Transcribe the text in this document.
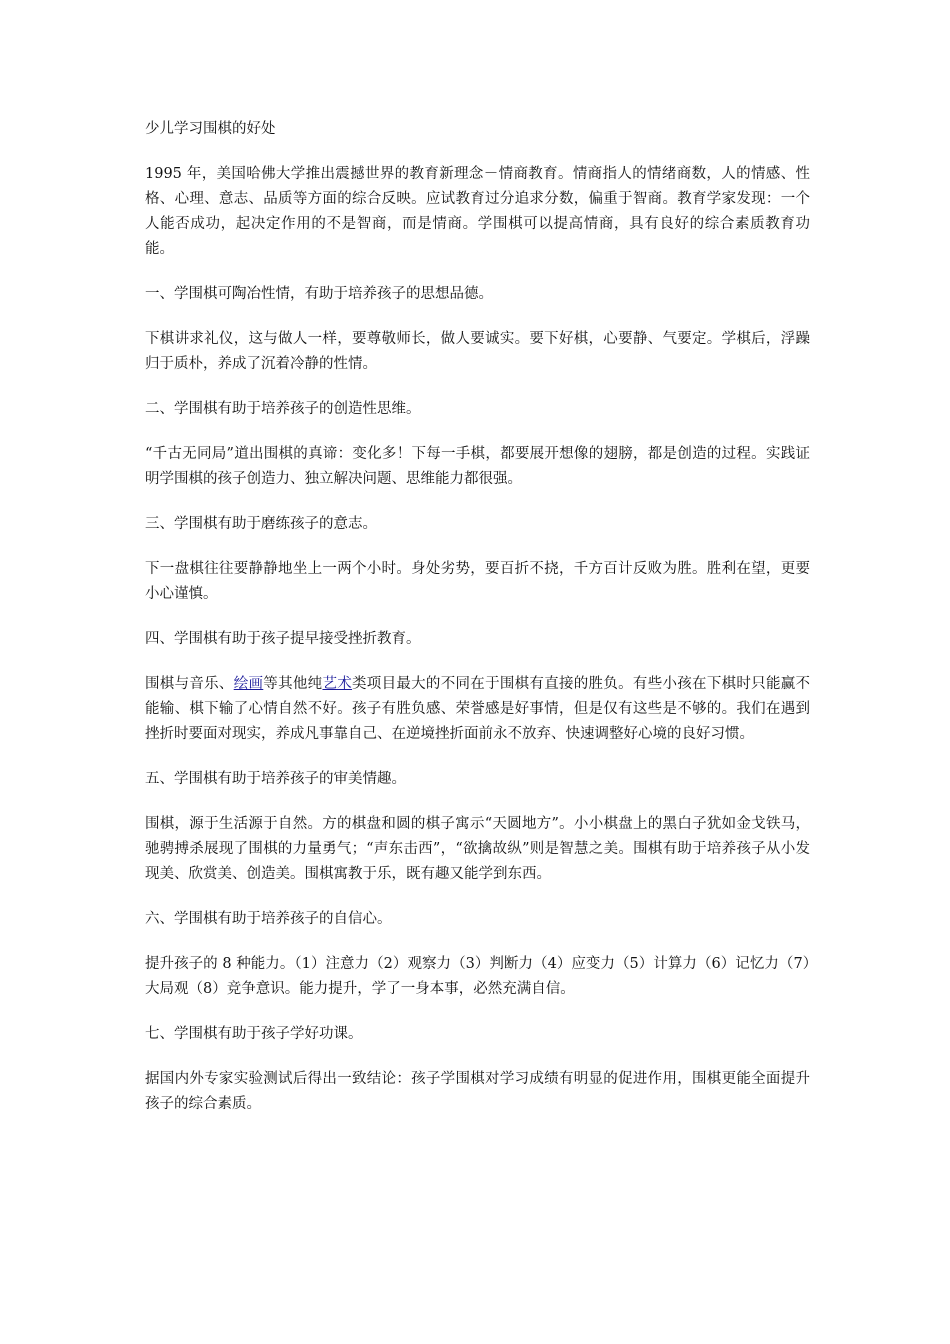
少儿学习围棋的好处

1995 年，美国哈佛大学推出震撼世界的教育新理念－情商教育。情商指人的情绪商数，人的情感、性格、心理、意志、品质等方面的综合反映。应试教育过分追求分数，偏重于智商。教育学家发现：一个人能否成功，起决定作用的不是智商，而是情商。学围棋可以提高情商，具有良好的综合素质教育功能。

一、学围棋可陶冶性情，有助于培养孩子的思想品德。

下棋讲求礼仪，这与做人一样，要尊敬师长，做人要诚实。要下好棋，心要静、气要定。学棋后，浮躁归于质朴，养成了沉着冷静的性情。

二、学围棋有助于培养孩子的创造性思维。

“千古无同局”道出围棋的真谛：变化多！下每一手棋，都要展开想像的翅膀，都是创造的过程。实践证明学围棋的孩子创造力、独立解决问题、思维能力都很强。

三、学围棋有助于磨练孩子的意志。

下一盘棋往往要静静地坐上一两个小时。身处劣势，要百折不挠，千方百计反败为胜。胜利在望，更要小心谨慎。

四、学围棋有助于孩子提早接受挫折教育。

围棋与音乐、绘画等其他纯艺术类项目最大的不同在于围棋有直接的胜负。有些小孩在下棋时只能赢不能输、棋下输了心情自然不好。孩子有胜负感、荣誉感是好事情，但是仅有这些是不够的。我们在遇到挫折时要面对现实，养成凡事靠自己、在逆境挫折面前永不放弃、快速调整好心境的良好习惯。

五、学围棋有助于培养孩子的审美情趣。

围棋，源于生活源于自然。方的棋盘和圆的棋子寓示“天圆地方”。小小棋盘上的黑白子犹如金戈铁马，驰骋搏杀展现了围棋的力量勇气；“声东击西”，“欲擒故纵”则是智慧之美。围棋有助于培养孩子从小发现美、欣赏美、创造美。围棋寓教于乐，既有趣又能学到东西。

六、学围棋有助于培养孩子的自信心。

提升孩子的 8 种能力。（1）注意力（2）观察力（3）判断力（4）应变力（5）计算力（6）记忆力（7）大局观（8）竞争意识。能力提升，学了一身本事，必然充满自信。

七、学围棋有助于孩子学好功课。

据国内外专家实验测试后得出一致结论：孩子学围棋对学习成绩有明显的促进作用，围棋更能全面提升孩子的综合素质。
